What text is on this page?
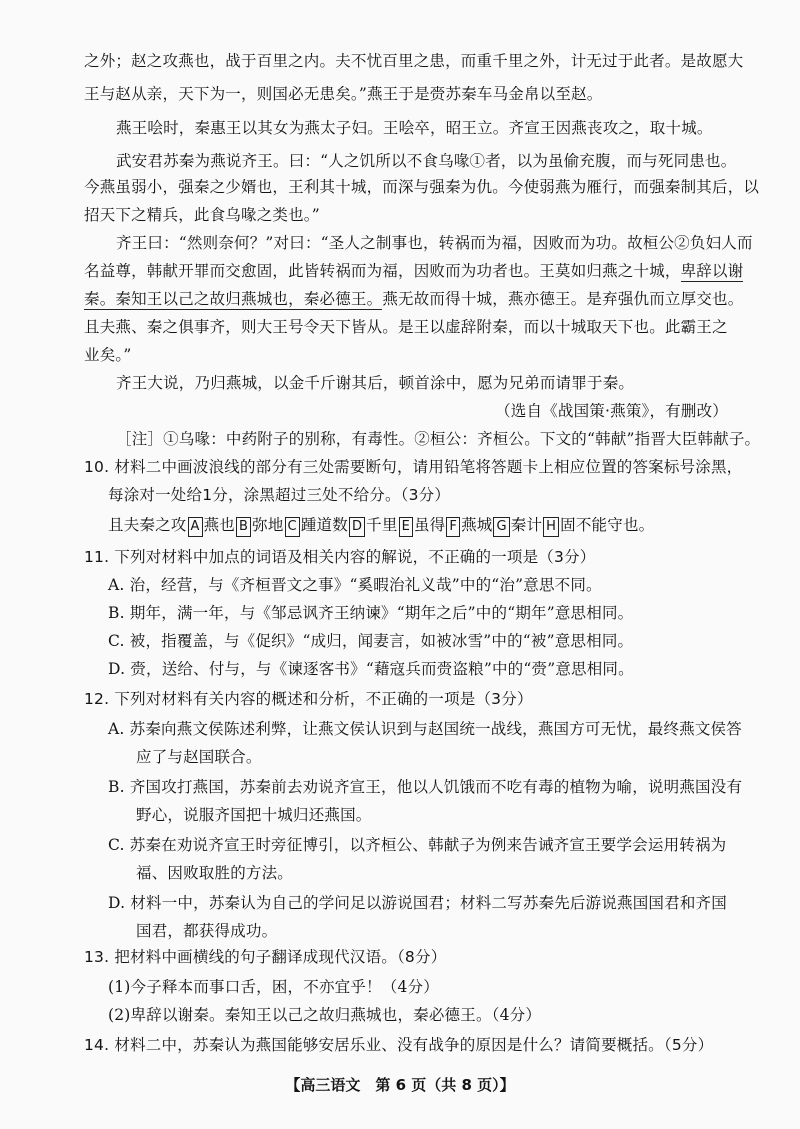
之外；赵之攻燕也，战于百里之内。夫不忧百里之患，而重千里之外，计无过于此者。是故愿大
王与赵从亲，天下为一，则国必无患矣。”燕王于是赍苏秦车马金帛以至赵。
燕王哙时，秦惠王以其女为燕太子妇。王哙卒，昭王立。齐宣王因燕丧攻之，取十城。
武安君苏秦为燕说齐王。曰：“人之饥所以不食乌喙①者，以为虽偷充腹，而与死同患也。
今燕虽弱小，强秦之少婿也，王利其十城，而深与强秦为仇。今使弱燕为雁行，而强秦制其后，以
招天下之精兵，此食乌喙之类也。”
齐王曰：“然则奈何？”对曰：“圣人之制事也，转祸而为福，因败而为功。故桓公②负妇人而
名益尊，韩献开罪而交愈固，此皆转祸而为福，因败而为功者也。王莫如归燕之十城，卑辞以谢
秦。秦知王以己之故归燕城也，秦必德王。燕无故而得十城，燕亦德王。是弃强仇而立厚交也。
且夫燕、秦之俱事齐，则大王号令天下皆从。是王以虚辞附秦，而以十城取天下也。此霸王之
业矣。”
齐王大说，乃归燕城，以金千斤谢其后，顿首涂中，愿为兄弟而请罪于秦。
（选自《战国策·燕策》，有删改）
［注］①乌喙：中药附子的别称，有毒性。②桓公：齐桓公。下文的“韩献”指晋大臣韩献子。
10. 材料二中画波浪线的部分有三处需要断句，请用铅笔将答题卡上相应位置的答案标号涂黑，
每涂对一处给1分，涂黑超过三处不给分。（3分）
且夫秦之攻 A 燕也 B 弥地 C 踵道数 D 千里 E 虽得 F 燕城 G 秦计 H 固不能守也。
11. 下列对材料中加点的词语及相关内容的解说，不正确的一项是（3分）
A. 治，经营，与《齐桓晋文之事》“奚暇治礼义哉”中的“治”意思不同。
B. 期年，满一年，与《邹忌讽齐王纳谏》“期年之后”中的“期年”意思相同。
C. 被，指覆盖，与《促织》“成归，闻妻言，如被冰雪”中的“被”意思相同。
D. 赍，送给、付与，与《谏逐客书》“藉寇兵而赍盗粮”中的“赍”意思相同。
12. 下列对材料有关内容的概述和分析，不正确的一项是（3分）
A. 苏秦向燕文侯陈述利弊，让燕文侯认识到与赵国统一战线，燕国方可无忧，最终燕文侯答
应了与赵国联合。
B. 齐国攻打燕国，苏秦前去劝说齐宣王，他以人饥饿而不吃有毒的植物为喻，说明燕国没有
野心，说服齐国把十城归还燕国。
C. 苏秦在劝说齐宣王时旁征博引，以齐桓公、韩献子为例来告诫齐宣王要学会运用转祸为
福、因败取胜的方法。
D. 材料一中，苏秦认为自己的学问足以游说国君；材料二写苏秦先后游说燕国国君和齐国
国君，都获得成功。
13. 把材料中画横线的句子翻译成现代汉语。（8分）
(1)今子释本而事口舌，困，不亦宜乎！（4分）
(2)卑辞以谢秦。秦知王以己之故归燕城也，秦必德王。（4分）
14. 材料二中，苏秦认为燕国能够安居乐业、没有战争的原因是什么？请简要概括。（5分）
【高三语文　第 6 页（共 8 页）】
